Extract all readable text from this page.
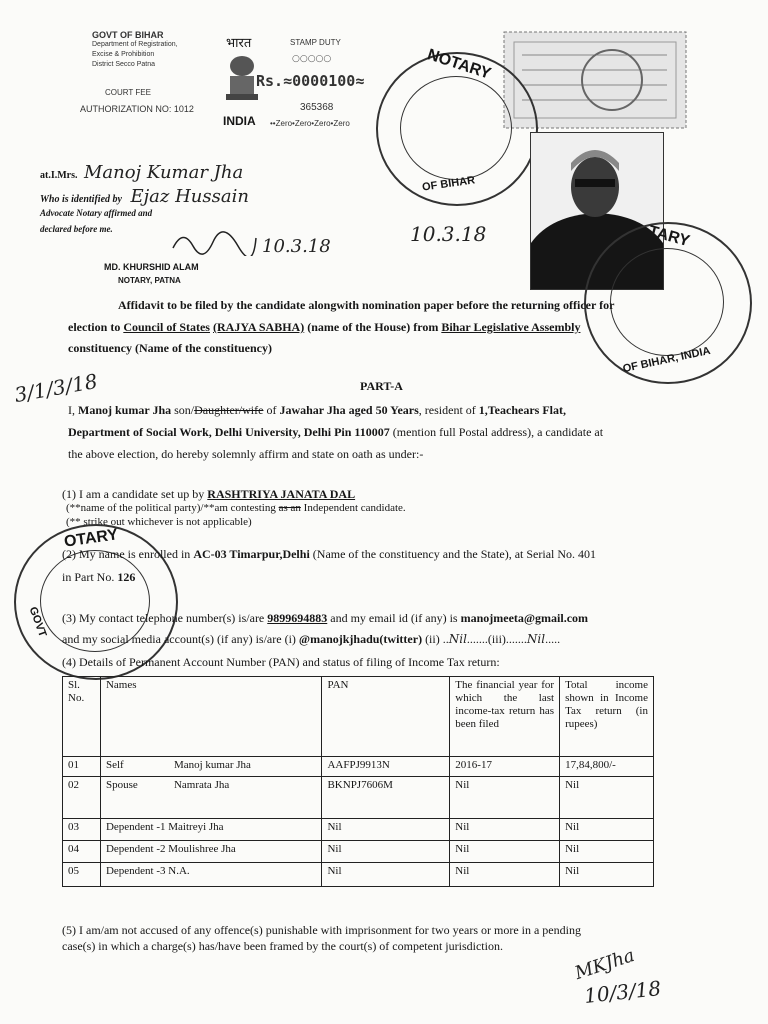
GOVT OF BIHAR
Department of Registration,
Excise & Prohibition
District Secco Patna
COURT FEE
AUTHORIZATION NO: 1012
भारत	STAMP DUTY
○○○○○
Rs.≈0000100≈
365368
INDIA ••Zero•Zero•Zero•Zero
NOTARY
OF BIHAR
TARY
OF BIHAR, INDIA
at.I.Mrs. Manoj Kumar Jha
Who is identified by Ejaz Hussain
Advocate Notary affirmed and
declared before me.
10.3.18
10.3.18
MD. KHURSHID ALAM
NOTARY, PATNA
Affidavit to be filed by the candidate alongwith nomination paper before the returning officer for
election to Council of States (RAJYA SABHA) (name of the House) from Bihar Legislative Assembly
constituency (Name of the constituency)
3/1/3/18	PART-A
I, Manoj kumar Jha son/Daughter/wife of Jawahar Jha aged 50 Years, resident of 1,Teachears Flat,
Department of Social Work, Delhi University, Delhi Pin 110007 (mention full Postal address), a candidate at
the above election, do hereby solemnly affirm and state on oath as under:-
(1) I am a candidate set up by RASHTRIYA JANATA DAL
(**name of the political party)/**am contesting as an Independent candidate.
(** strike out whichever is not applicable)
OTARY
GOVT
(2) My name is enrolled in AC-03 Timarpur,Delhi (Name of the constituency and the State), at Serial No. 401
in Part No. 126
(3) My contact telephone number(s) is/are 9899694883 and my email id (if any) is manojmeeta@gmail.com
and my social media account(s) (if any) is/are (i) @manojkjhadu(twitter) (ii) ..Nil.......(iii).......Nil.....
(4) Details of Permanent Account Number (PAN) and status of filing of Income Tax return:
Sl. No.	Names	PAN	The financial year for which the last income-tax return has been filed	Total income shown in Income Tax return (in rupees)
01	Self Manoj kumar Jha	AAFPJ9913N	2016-17	17,84,800/-
02	Spouse Namrata Jha	BKNPJ7606M	Nil	Nil
03	Dependent -1 Maitreyi Jha	Nil	Nil	Nil
04	Dependent -2 Moulishree Jha	Nil	Nil	Nil
05	Dependent -3 N.A.	Nil	Nil	Nil
(5) I am/am not accused of any offence(s) punishable with imprisonment for two years or more in a pending
case(s) in which a charge(s) has/have been framed by the court(s) of competent jurisdiction.	MKJha
10/3/18
